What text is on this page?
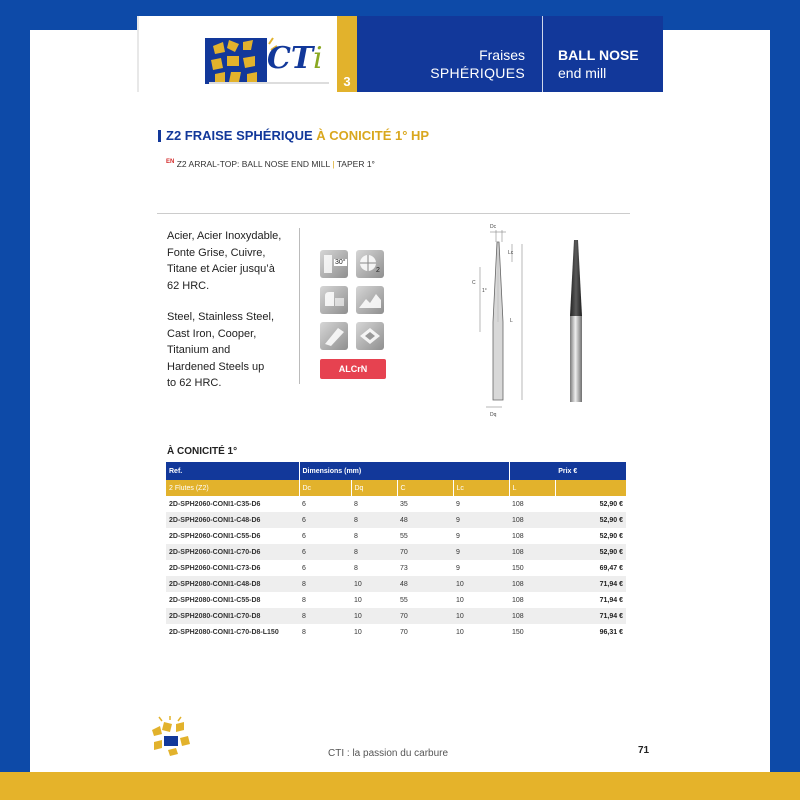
CT i
3
Fraises
SPHÉRIQUES
BALL NOSE
end mill
Z2 FRAISE SPHÉRIQUE À CONICITÉ 1° HP
$^{EN}$ Z2 ARRAL-TOP: BALL NOSE END MILL | TAPER 1°
Acier, Acier Inoxydable,
Fonte Grise, Cuivre,
Titane et Acier jusqu’à
62 HRC.
Steel, Stainless Steel,
Cast Iron, Cooper,
Titanium and
Hardened Steels up
to 62 HRC.
30°
2
ALCrN
Dc
Lc
C
1°
L
Dq
À CONICITÉ 1°
Ref.	Dimensions (mm)				Prix €	
2 Flutes (Z2)	Dc	Dq	C	Lc	L	
2D-SPH2060-CONI1-C35-D6	6	8	35	9	108	52,90 €
2D-SPH2060-CONI1-C48-D6	6	8	48	9	108	52,90 €
2D-SPH2060-CONI1-C55-D6	6	8	55	9	108	52,90 €
2D-SPH2060-CONI1-C70-D6	6	8	70	9	108	52,90 €
2D-SPH2060-CONI1-C73-D6	6	8	73	9	150	69,47 €
2D-SPH2080-CONI1-C48-D8	8	10	48	10	108	71,94 €
2D-SPH2080-CONI1-C55-D8	8	10	55	10	108	71,94 €
2D-SPH2080-CONI1-C70-D8	8	10	70	10	108	71,94 €
2D-SPH2080-CONI1-C70-D8-L150	8	10	70	10	150	96,31 €
CTI : la passion du carbure	71
